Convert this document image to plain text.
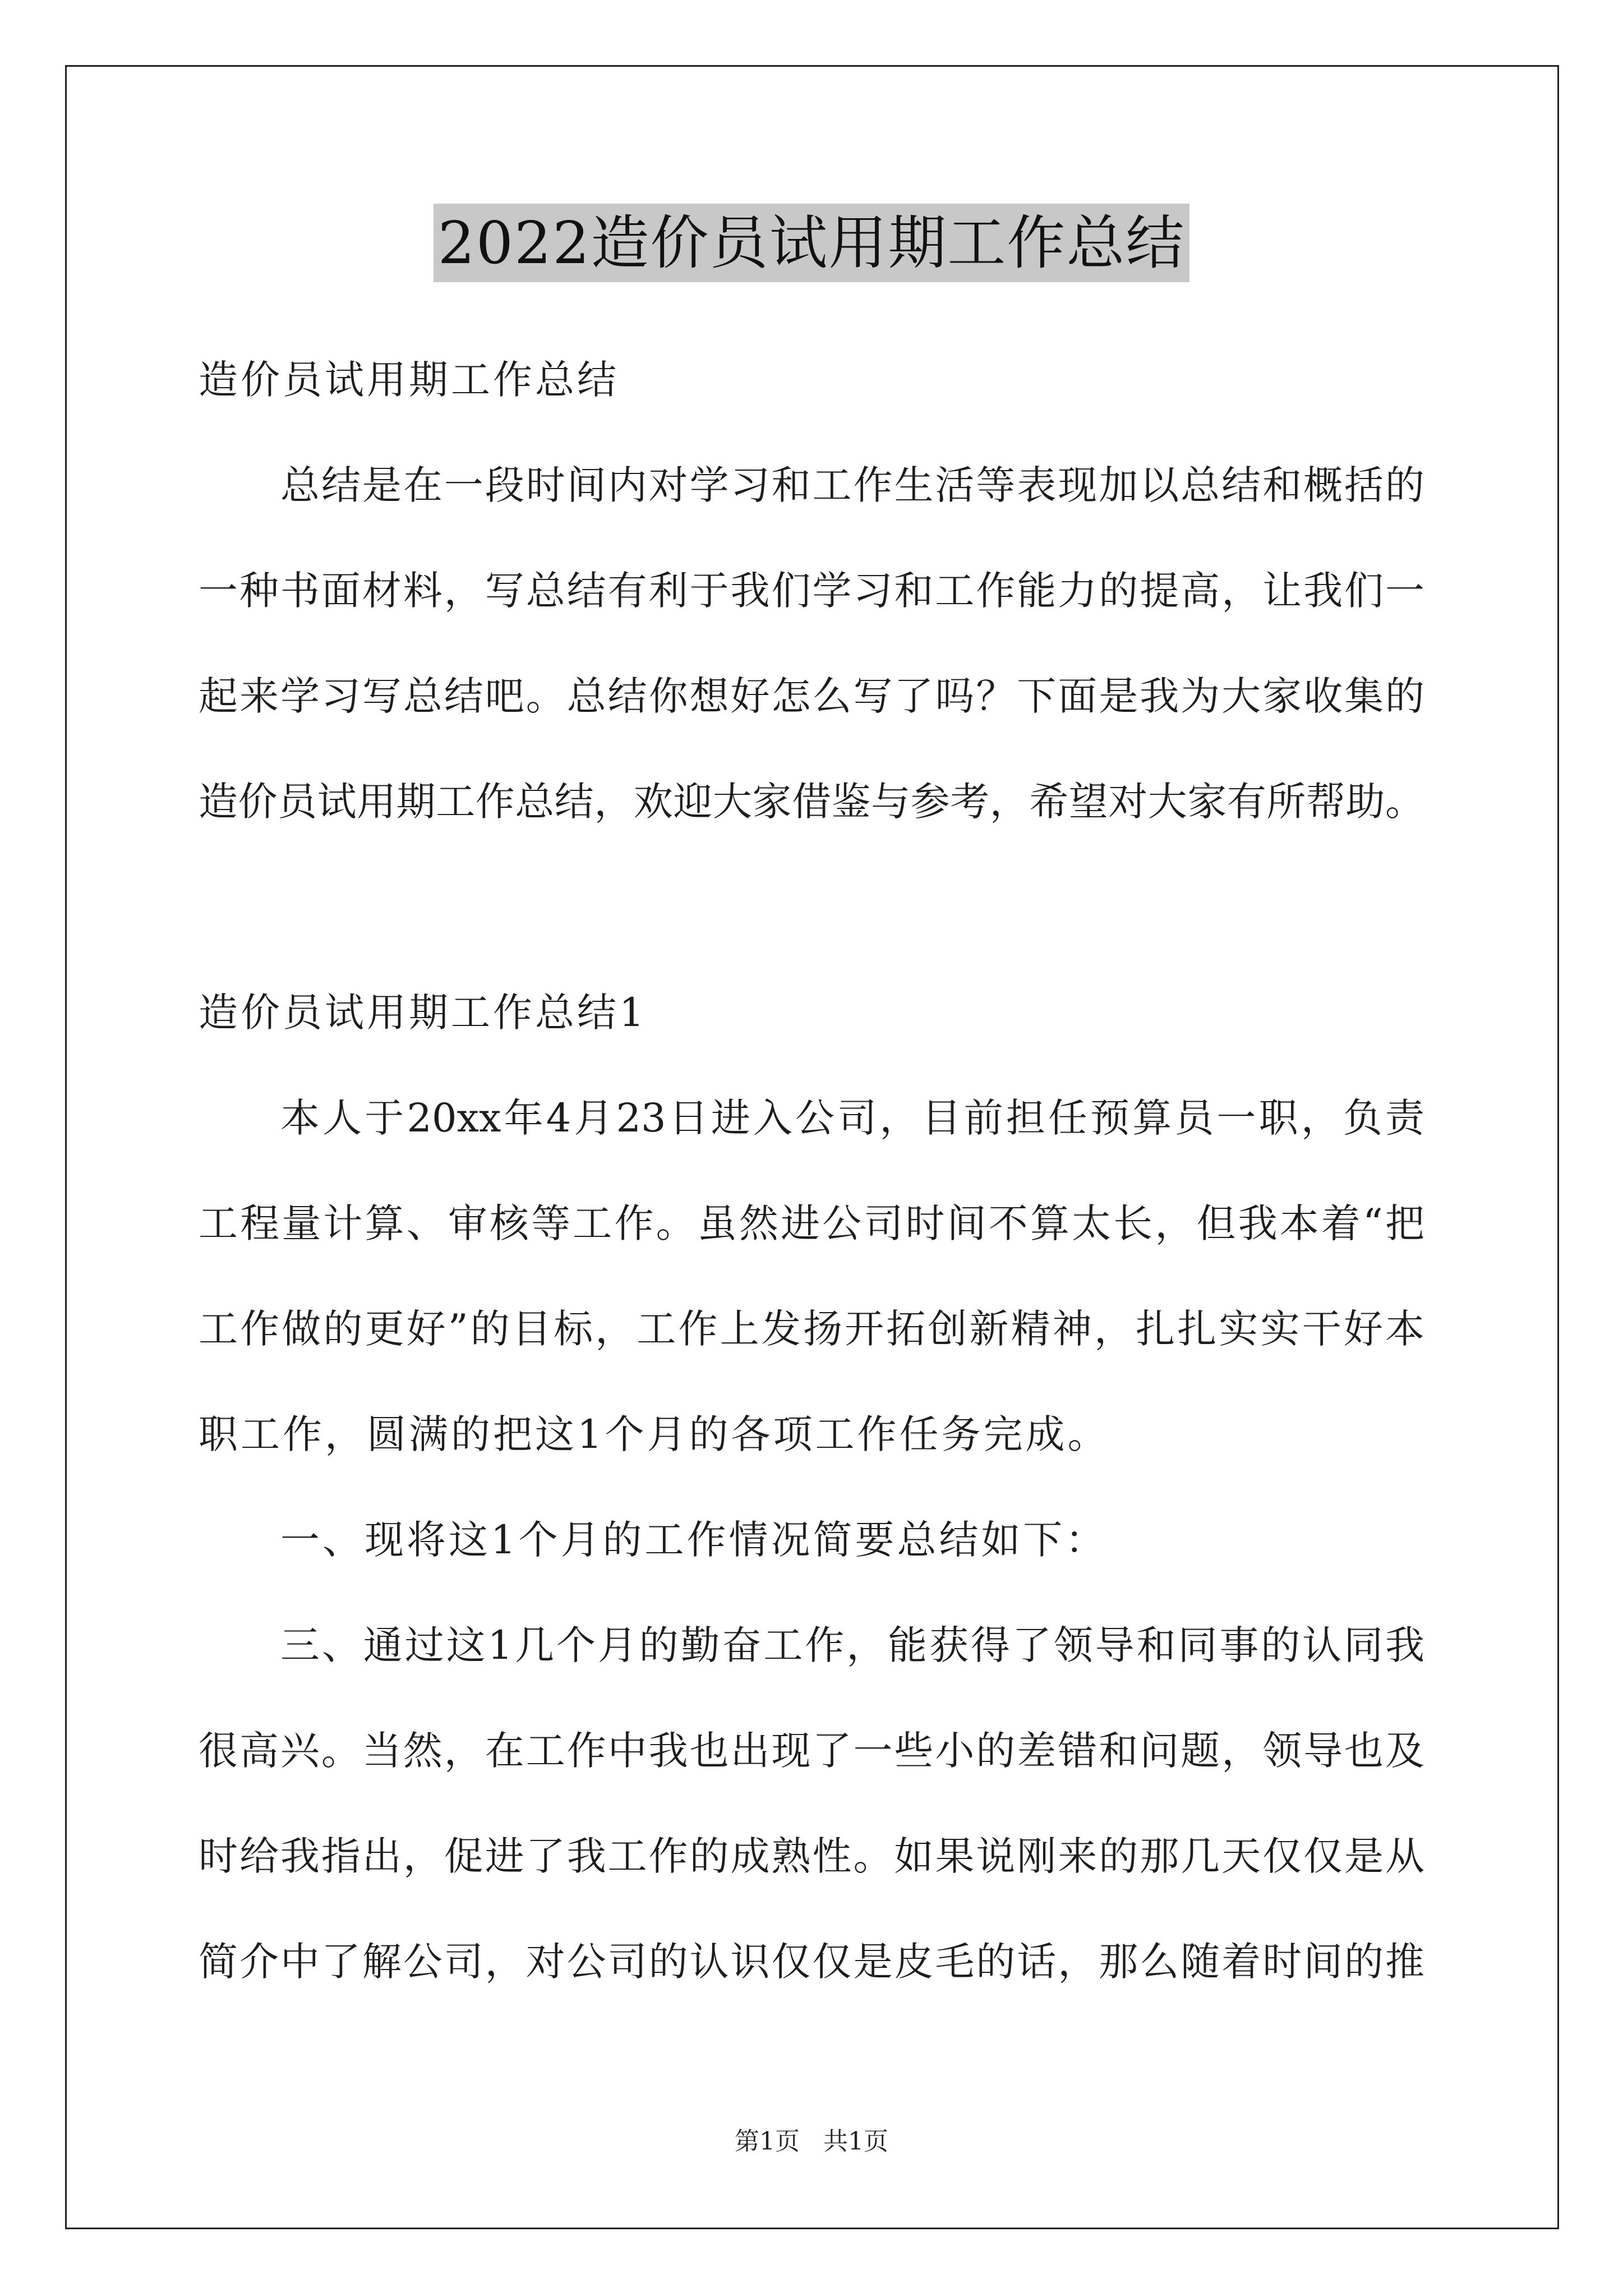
2022造价员试用期工作总结
造价员试用期工作总结
总结是在一段时间内对学习和工作生活等表现加以总结和概括的
一种书面材料，写总结有利于我们学习和工作能力的提高，让我们一
起来学习写总结吧。总结你想好怎么写了吗？下面是我为大家收集的
造价员试用期工作总结，欢迎大家借鉴与参考，希望对大家有所帮助。
造价员试用期工作总结1
本人于20xx年4月23日进入公司，目前担任预算员一职，负责
工程量计算、审核等工作。虽然进公司时间不算太长，但我本着“把
工作做的更好”的目标，工作上发扬开拓创新精神，扎扎实实干好本
职工作，圆满的把这1个月的各项工作任务完成。
一、现将这1个月的工作情况简要总结如下：
三、通过这1几个月的勤奋工作，能获得了领导和同事的认同我
很高兴。当然，在工作中我也出现了一些小的差错和问题，领导也及
时给我指出，促进了我工作的成熟性。如果说刚来的那几天仅仅是从
简介中了解公司，对公司的认识仅仅是皮毛的话，那么随着时间的推
第1页   共1页
